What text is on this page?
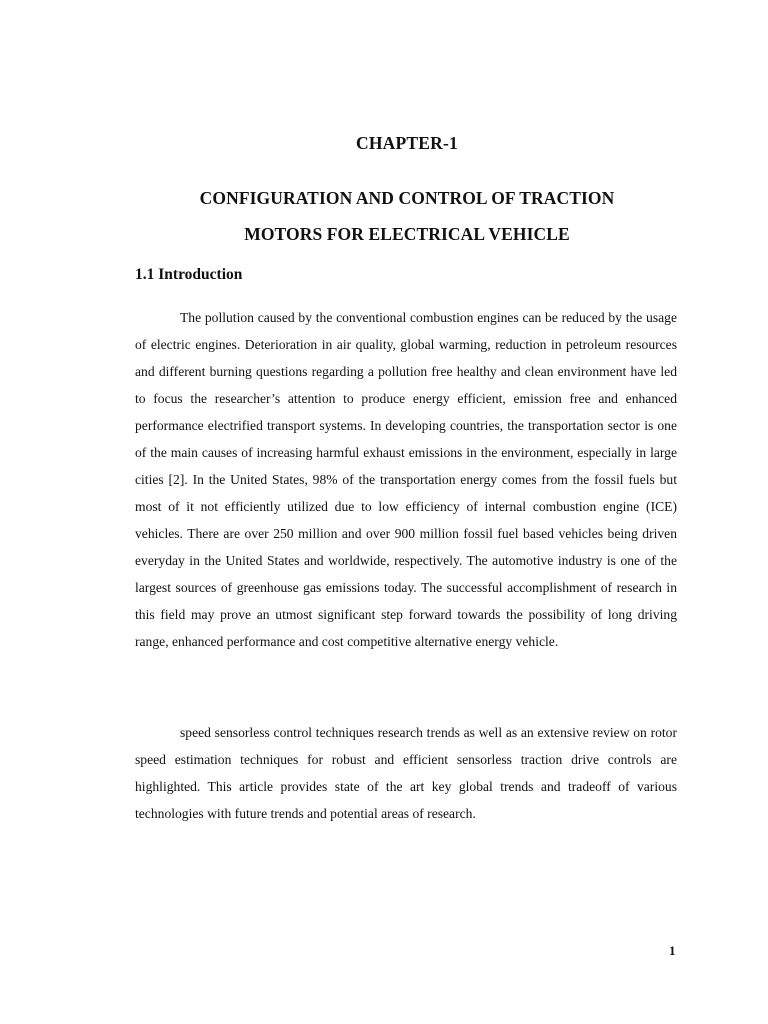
CHAPTER-1
CONFIGURATION AND CONTROL OF TRACTION
MOTORS FOR ELECTRICAL VEHICLE
1.1 Introduction

The pollution caused by the conventional combustion engines can be reduced by the usage of electric engines. Deterioration in air quality, global warming, reduction in petroleum resources and different burning questions regarding a pollution free healthy and clean environment have led to focus the researcher’s attention to produce energy efficient, emission free and enhanced performance electrified transport systems. In developing countries, the transportation sector is one of the main causes of increasing harmful exhaust emissions in the environment, especially in large cities [2]. In the United States, 98% of the transportation energy comes from the fossil fuels but most of it not efficiently utilized due to low efficiency of internal combustion engine (ICE) vehicles. There are over 250 million and over 900 million fossil fuel based vehicles being driven everyday in the United States and worldwide, respectively. The automotive industry is one of the largest sources of greenhouse gas emissions today. The successful accomplishment of research in this field may prove an utmost significant step forward towards the possibility of long driving range, enhanced performance and cost competitive alternative energy vehicle.

speed sensorless control techniques research trends as well as an extensive review on rotor speed estimation techniques for robust and efficient sensorless traction drive controls are highlighted. This article provides state of the art key global trends and tradeoff of various technologies with future trends and potential areas of research.

1
